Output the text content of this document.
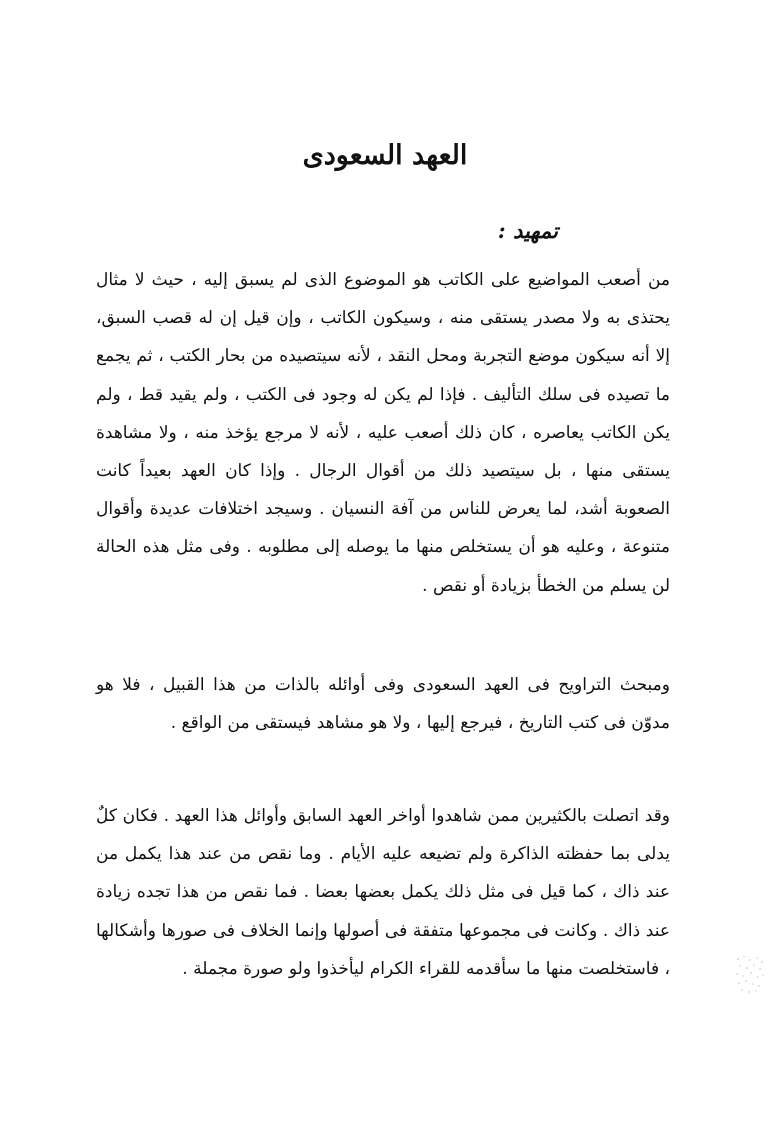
العهد السعودى
تمهيد :

من أصعب المواضيع على الكاتب هو الموضوع الذى لم يسبق إليه ، حيث لا مثال يحتذى به ولا مصدر يستقى منه ، وسيكون الكاتب ، وإن قيل إن له قصب السبق، إلا أنه سيكون موضع التجربة ومحل النقد ، لأنه سيتصيده من بحار الكتب ، ثم يجمع ما تصيده فى سلك التأليف . فإذا لم يكن له وجود فى الكتب ، ولم يقيد قط ، ولم يكن الكاتب يعاصره ، كان ذلك أصعب عليه ، لأنه لا مرجع يؤخذ منه ، ولا مشاهدة يستقى منها ، بل سيتصيد ذلك من أقوال الرجال . وإذا كان العهد بعيداً كانت الصعوبة أشد، لما يعرض للناس من آفة النسيان . وسيجد اختلافات عديدة وأقوال متنوعة ، وعليه هو أن يستخلص منها ما يوصله إلى مطلوبه . وفى مثل هذه الحالة لن يسلم من الخطأ بزيادة أو نقص .

ومبحث التراويح فى العهد السعودى وفى أوائله بالذات من هذا القبيل ، فلا هو مدوّن فى كتب التاريخ ، فيرجع إليها ، ولا هو مشاهد فيستقى من الواقع .

وقد اتصلت بالكثيرين ممن شاهدوا أواخر العهد السابق وأوائل هذا العهد . فكان كلٌ يدلى بما حفظته الذاكرة ولم تضيعه عليه الأيام . وما نقص من عند هذا يكمل من عند ذاك ، كما قيل فى مثل ذلك يكمل بعضها بعضا . فما نقص من هذا تجده زيادة عند ذاك . وكانت فى مجموعها متفقة فى أصولها وإنما الخلاف فى صورها وأشكالها ، فاستخلصت منها ما سأقدمه للقراء الكرام ليأخذوا ولو صورة مجملة .
